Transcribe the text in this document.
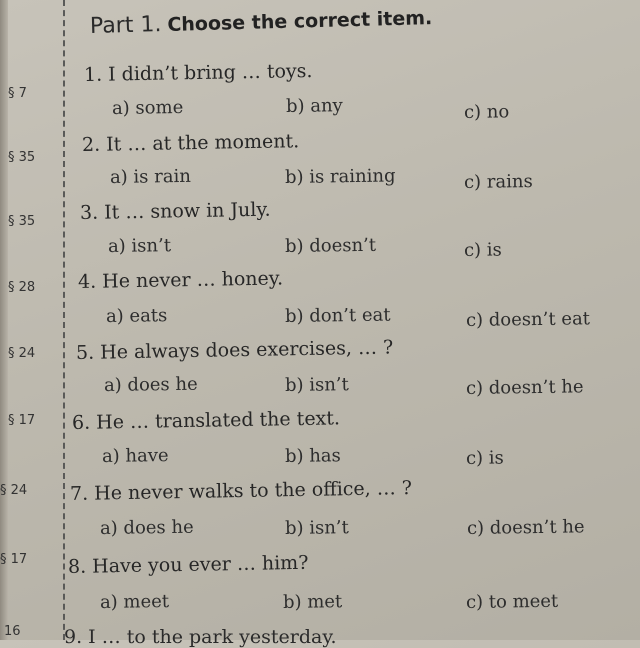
Part 1. Choose the correct item.
§ 7
1. I didn’t bring … toys.
a) some	b) any	c) no
§ 35
2. It … at the moment.
a) is rain	b) is raining	c) rains
§ 35 3. It … snow in July.
a) isn’t	b) doesn’t	c) is
§ 28 4. He never … honey.
a) eats	b) don’t eat	c) doesn’t eat
§ 24 5. He always does exercises, … ?
a) does he	b) isn’t	c) doesn’t he
§ 17 6. He … translated the text.
a) have	b) has	c) is
§ 24 7. He never walks to the office, … ?
a) does he	b) isn’t	c) doesn’t he
§ 17 8. Have you ever … him?
a) meet	b) met	c) to meet
16 9. I … to the park yesterday.
